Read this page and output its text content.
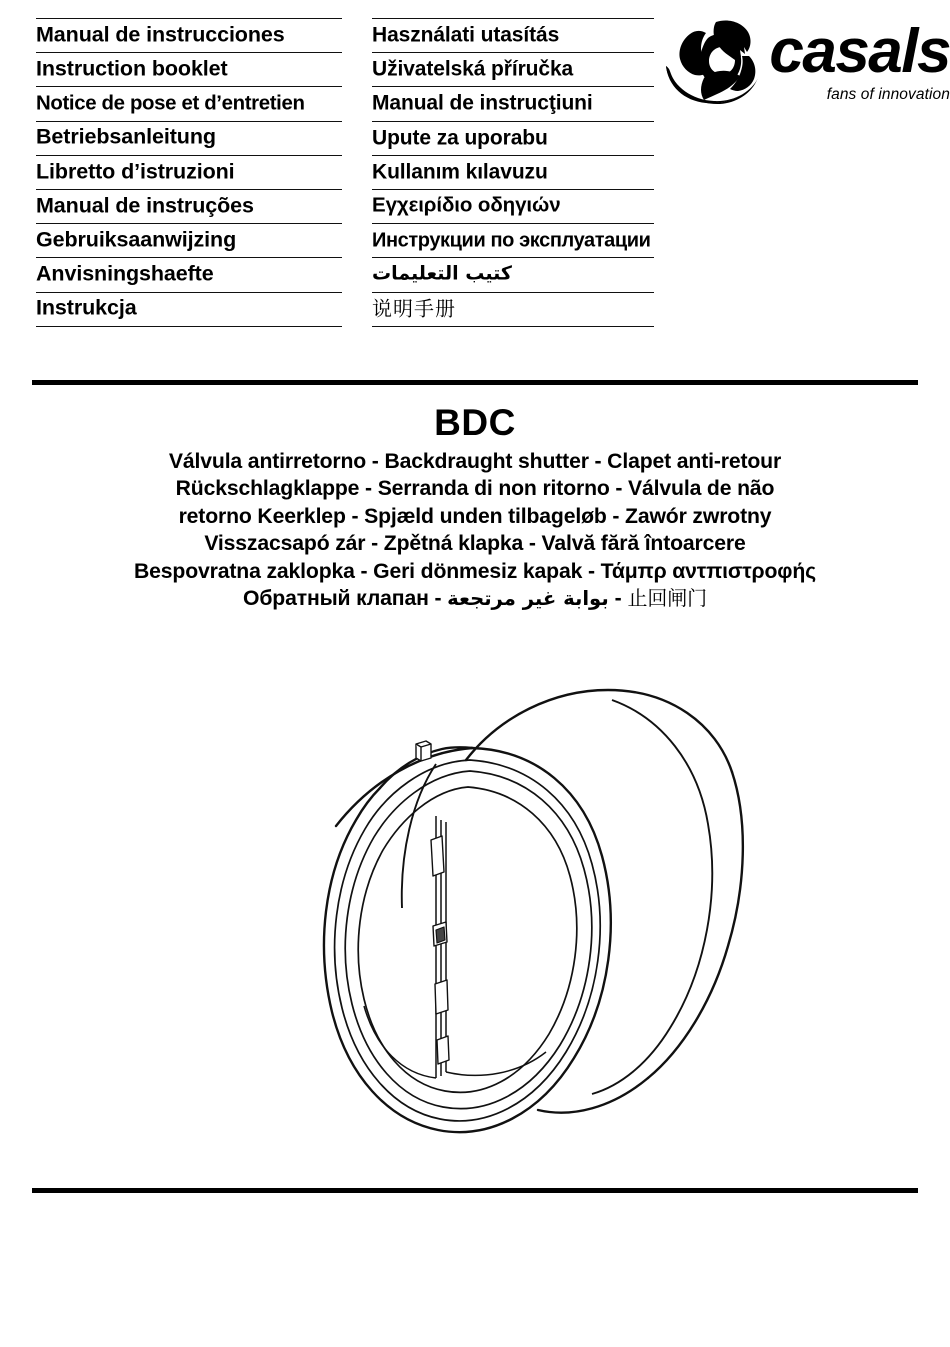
Manual de instrucciones
Instruction booklet
Notice de pose et d’entretien
Betriebsanleitung
Libretto d’istruzioni
Manual de instruções
Gebruiksaanwijzing
Anvisningshaefte
Instrukcja
Használati utasítás
Uživatelská příručka
Manual de instrucţiuni
Upute za uporabu
Kullanım kılavuzu
Εγχειρίδιο οδηγιών
Инструкции по эксплуатации
كتيب التعليمات
说明手册
casals
fans of innovation
BDC
Válvula antirretorno - Backdraught shutter - Clapet anti-retour
Rückschlagklappe - Serranda di non ritorno - Válvula de não
retorno Keerklep - Spjæld unden tilbageløb - Zawór zwrotny
Visszacsapó zár - Zpětná klapka - Valvă fără întoarcere
Bespovratna zaklopka - Geri dönmesiz kapak - Τάμπρ αντπιστροφής
Обратный клапан - بوابة غير مرتجعة - 止回闸门
